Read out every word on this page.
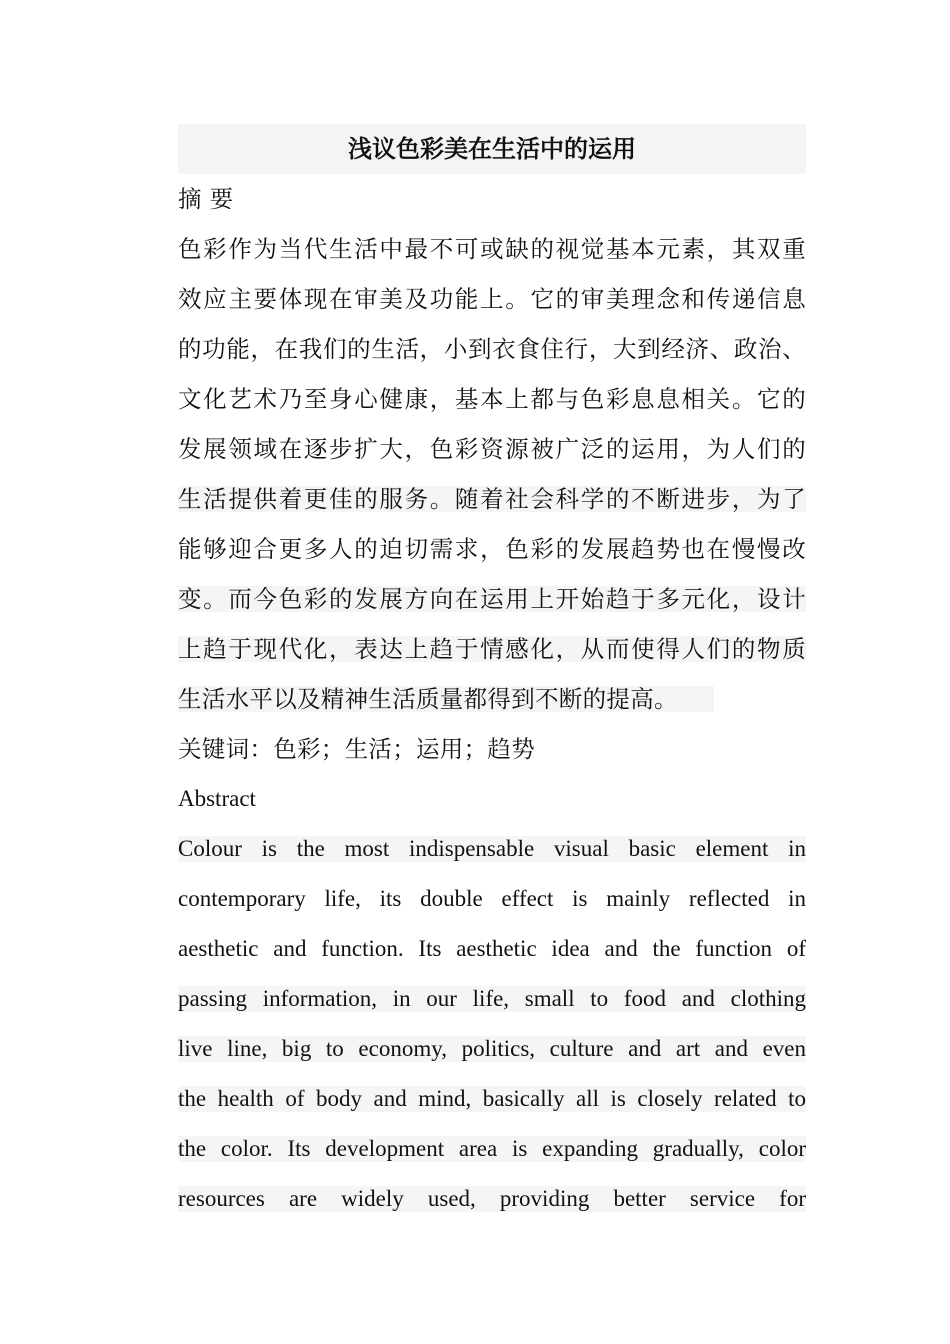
浅议色彩美在生活中的运用
摘 要
色彩作为当代生活中最不可或缺的视觉基本元素，其双重
效应主要体现在审美及功能上。它的审美理念和传递信息
的功能，在我们的生活，小到衣食住行，大到经济、政治、
文化艺术乃至身心健康，基本上都与色彩息息相关。它的
发展领域在逐步扩大，色彩资源被广泛的运用，为人们的
生活提供着更佳的服务。随着社会科学的不断进步，为了
能够迎合更多人的迫切需求，色彩的发展趋势也在慢慢改
变。而今色彩的发展方向在运用上开始趋于多元化，设计
上趋于现代化，表达上趋于情感化，从而使得人们的物质
生活水平以及精神生活质量都得到不断的提高。
关键词：色彩；生活；运用；趋势
Abstract
Colour is the most indispensable visual basic element in
contemporary life, its double effect is mainly reflected in
aesthetic and function. Its aesthetic idea and the function of
passing information, in our life, small to food and clothing
live line, big to economy, politics, culture and art and even
the health of body and mind, basically all is closely related to
the color. Its development area is expanding gradually, color
resources are widely used, providing better service for
